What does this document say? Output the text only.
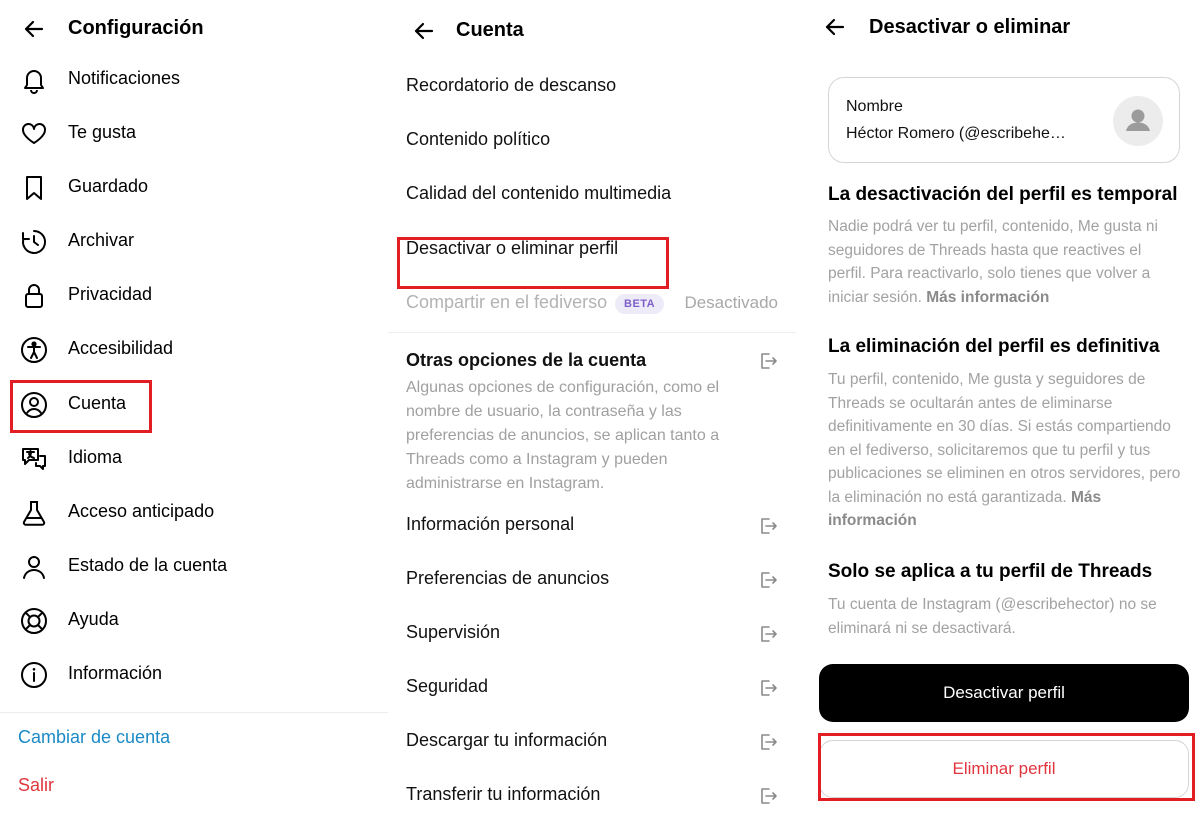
Configuración
Notificaciones
Te gusta
Guardado
Archivar
Privacidad
Accesibilidad
Cuenta
Idioma
Acceso anticipado
Estado de la cuenta
Ayuda
Información
Cambiar de cuenta
Salir
Cuenta
Recordatorio de descanso
Contenido político
Calidad del contenido multimedia
Desactivar o eliminar perfil
Compartir en el fediverso	BETA	Desactivado
Otras opciones de la cuenta
Algunas opciones de configuración, como el nombre de usuario, la contraseña y las preferencias de anuncios, se aplican tanto a Threads como a Instagram y pueden administrarse en Instagram.
Información personal
Preferencias de anuncios
Supervisión
Seguridad
Descargar tu información
Transferir tu información
Desactivar o eliminar
Nombre
Héctor Romero (@escribehe…
La desactivación del perfil es temporal
Nadie podrá ver tu perfil, contenido, Me gusta ni seguidores de Threads hasta que reactives el perfil. Para reactivarlo, solo tienes que volver a iniciar sesión. Más información
La eliminación del perfil es definitiva
Tu perfil, contenido, Me gusta y seguidores de Threads se ocultarán antes de eliminarse definitivamente en 30 días. Si estás compartiendo en el fediverso, solicitaremos que tu perfil y tus publicaciones se eliminen en otros servidores, pero la eliminación no está garantizada. Más información
Solo se aplica a tu perfil de Threads
Tu cuenta de Instagram (@escribehector) no se eliminará ni se desactivará.
Desactivar perfil
Eliminar perfil
